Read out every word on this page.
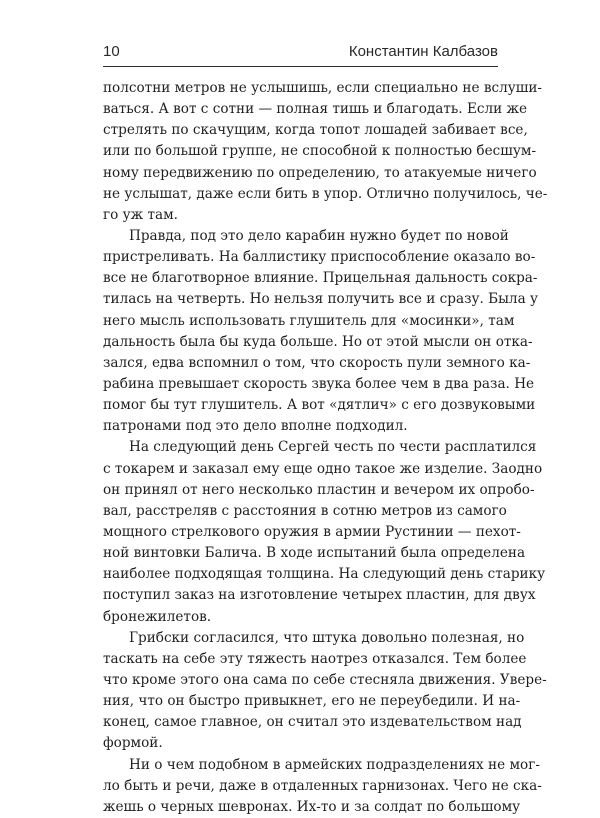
10	Константин Калбазов
полсотни метров не услышишь, если специально не вслуши-
ваться. А вот с сотни — полная тишь и благодать. Если же
стрелять по скачущим, когда топот лошадей забивает все,
или по большой группе, не способной к полностью бесшум-
ному передвижению по определению, то атакуемые ничего
не услышат, даже если бить в упор. Отлично получилось, че-
го уж там.
Правда, под это дело карабин нужно будет по новой
пристреливать. На баллистику приспособление оказало во-
все не благотворное влияние. Прицельная дальность сокра-
тилась на четверть. Но нельзя получить все и сразу. Была у
него мысль использовать глушитель для «мосинки», там
дальность была бы куда больше. Но от этой мысли он отка-
зался, едва вспомнил о том, что скорость пули земного ка-
рабина превышает скорость звука более чем в два раза. Не
помог бы тут глушитель. А вот «дятлич» с его дозвуковыми
патронами под это дело вполне подходил.
На следующий день Сергей честь по чести расплатился
с токарем и заказал ему еще одно такое же изделие. Заодно
он принял от него несколько пластин и вечером их опробо-
вал, расстреляв с расстояния в сотню метров из самого
мощного стрелкового оружия в армии Рустинии — пехот-
ной винтовки Балича. В ходе испытаний была определена
наиболее подходящая толщина. На следующий день старику
поступил заказ на изготовление четырех пластин, для двух
бронежилетов.
Грибски согласился, что штука довольно полезная, но
таскать на себе эту тяжесть наотрез отказался. Тем более
что кроме этого она сама по себе стесняла движения. Увере-
ния, что он быстро привыкнет, его не переубедили. И на-
конец, самое главное, он считал это издевательством над
формой.
Ни о чем подобном в армейских подразделениях не мог-
ло быть и речи, даже в отдаленных гарнизонах. Чего не ска-
жешь о черных шевронах. Их-то и за солдат по большому
